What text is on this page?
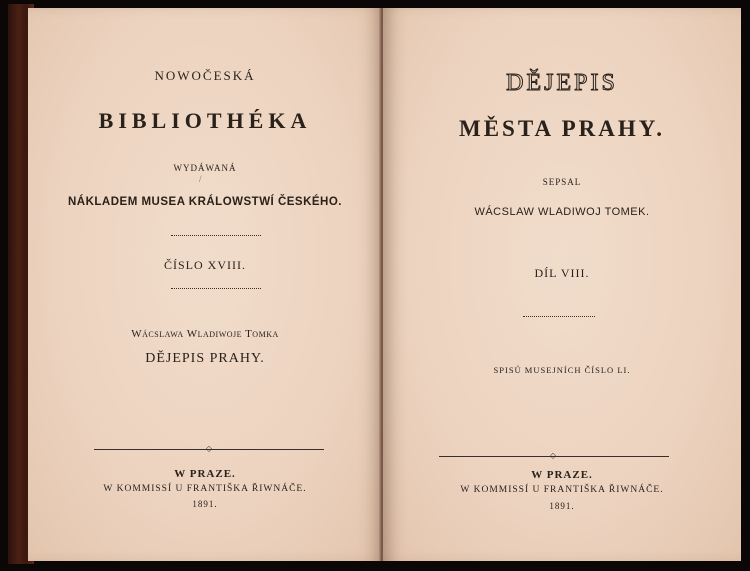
NOWOČESKÁ
BIBLIOTHÉKA
WYDÁWANÁ
/
NÁKLADEM MUSEA KRÁLOWSTWÍ ČESKÉHO.
ČÍSLO XVIII.
Wácslawa Wladiwoje Tomka
DĚJEPIS PRAHY.
◇
W PRAZE.
W KOMMISSÍ U FRANTIŠKA ŘIWNÁČE.
1891.
DĚJEPIS
MĚSTA PRAHY.
SEPSAL
WÁCSLAW WLADIWOJ TOMEK.
DÍL VIII.
SPISŮ MUSEJNÍCH ČÍSLO LI.
◇
W PRAZE.
W KOMMISSÍ U FRANTIŠKA ŘIWNÁČE.
1891.
